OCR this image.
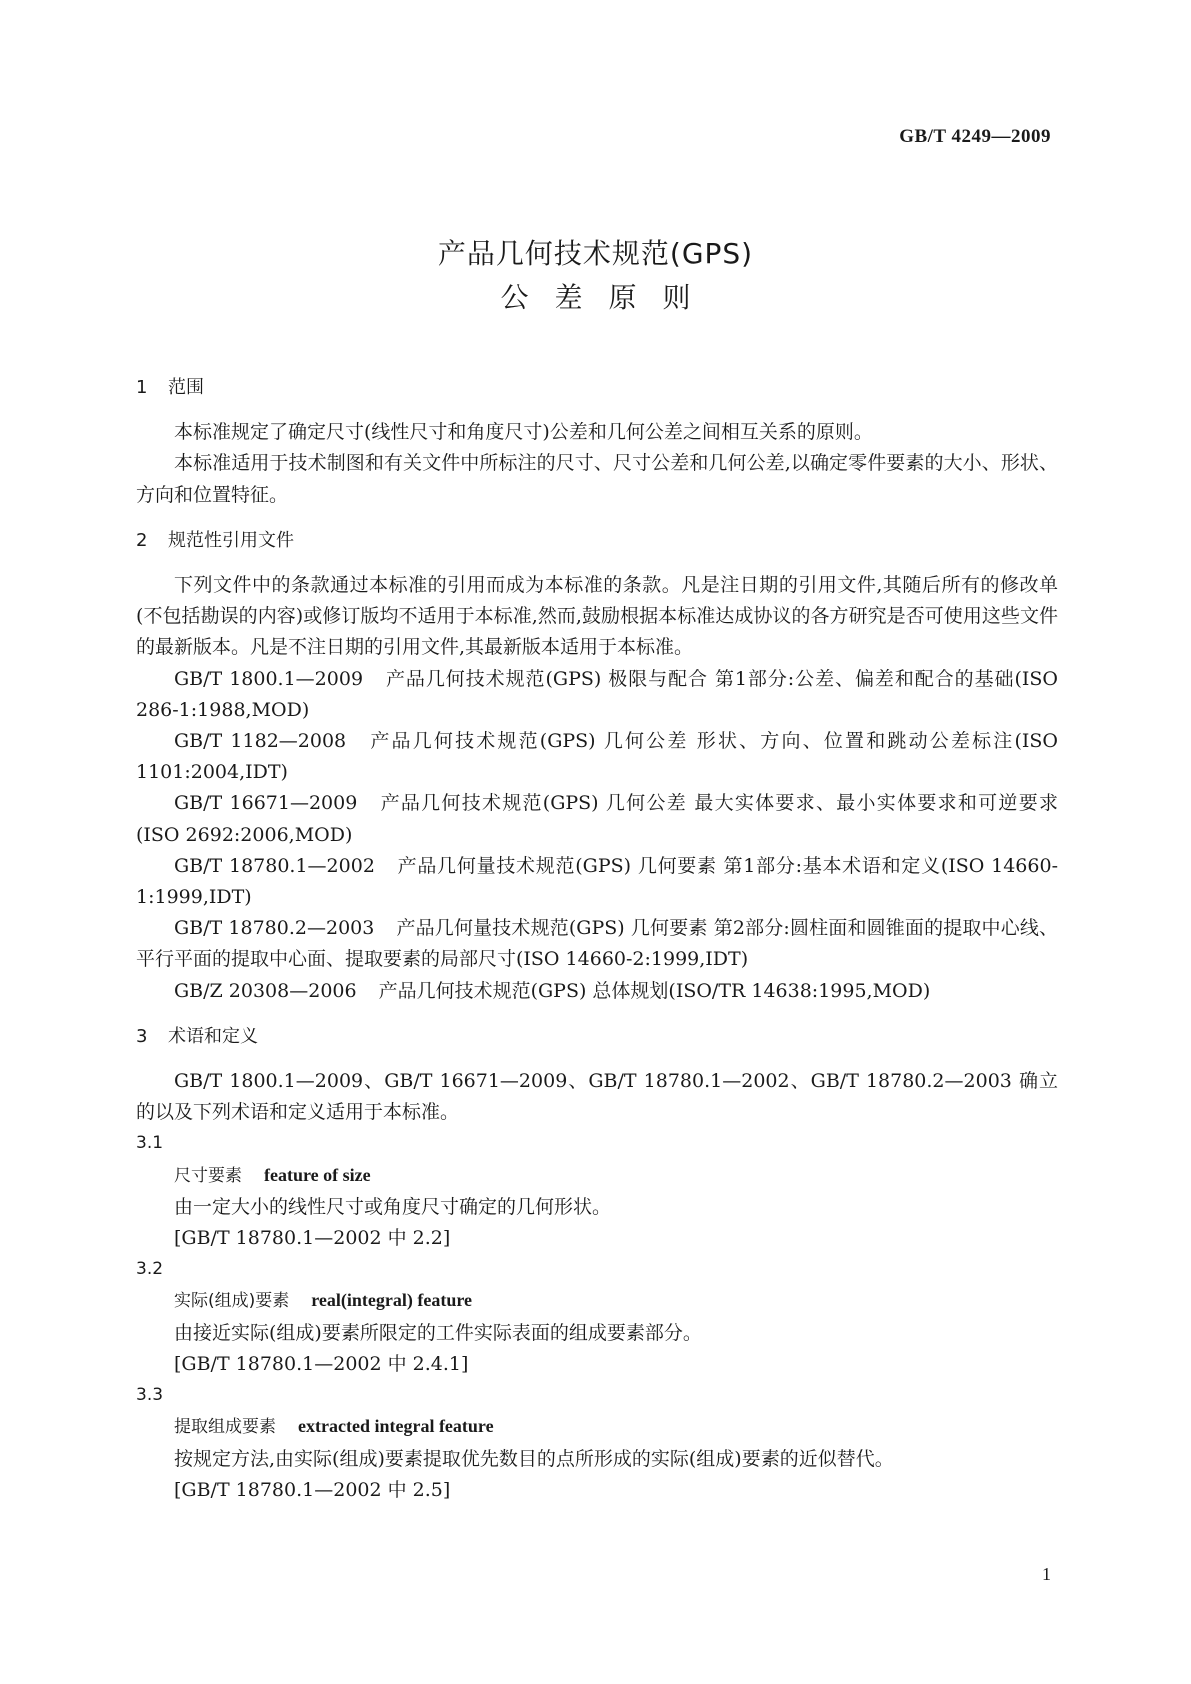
GB/T 4249—2009
产品几何技术规范(GPS)
公差原则
1 范围

本标准规定了确定尺寸(线性尺寸和角度尺寸)公差和几何公差之间相互关系的原则。

本标准适用于技术制图和有关文件中所标注的尺寸、尺寸公差和几何公差,以确定零件要素的大小、形状、方向和位置特征。

2 规范性引用文件

下列文件中的条款通过本标准的引用而成为本标准的条款。凡是注日期的引用文件,其随后所有的修改单(不包括勘误的内容)或修订版均不适用于本标准,然而,鼓励根据本标准达成协议的各方研究是否可使用这些文件的最新版本。凡是不注日期的引用文件,其最新版本适用于本标准。

GB/T 1800.1—2009 产品几何技术规范(GPS) 极限与配合 第1部分:公差、偏差和配合的基础(ISO 286-1:1988,MOD)

GB/T 1182—2008 产品几何技术规范(GPS) 几何公差 形状、方向、位置和跳动公差标注(ISO 1101:2004,IDT)

GB/T 16671—2009 产品几何技术规范(GPS) 几何公差 最大实体要求、最小实体要求和可逆要求(ISO 2692:2006,MOD)

GB/T 18780.1—2002 产品几何量技术规范(GPS) 几何要素 第1部分:基本术语和定义(ISO 14660-1:1999,IDT)

GB/T 18780.2—2003 产品几何量技术规范(GPS) 几何要素 第2部分:圆柱面和圆锥面的提取中心线、平行平面的提取中心面、提取要素的局部尺寸(ISO 14660-2:1999,IDT)

GB/Z 20308—2006 产品几何技术规范(GPS) 总体规划(ISO/TR 14638:1995,MOD)

3 术语和定义

GB/T 1800.1—2009、GB/T 16671—2009、GB/T 18780.1—2002、GB/T 18780.2—2003 确立的以及下列术语和定义适用于本标准。

3.1
尺寸要素 feature of size
由一定大小的线性尺寸或角度尺寸确定的几何形状。
[GB/T 18780.1—2002 中 2.2]
3.2
实际(组成)要素 real(integral) feature
由接近实际(组成)要素所限定的工件实际表面的组成要素部分。
[GB/T 18780.1—2002 中 2.4.1]
3.3
提取组成要素 extracted integral feature
按规定方法,由实际(组成)要素提取优先数目的点所形成的实际(组成)要素的近似替代。
[GB/T 18780.1—2002 中 2.5]
1
